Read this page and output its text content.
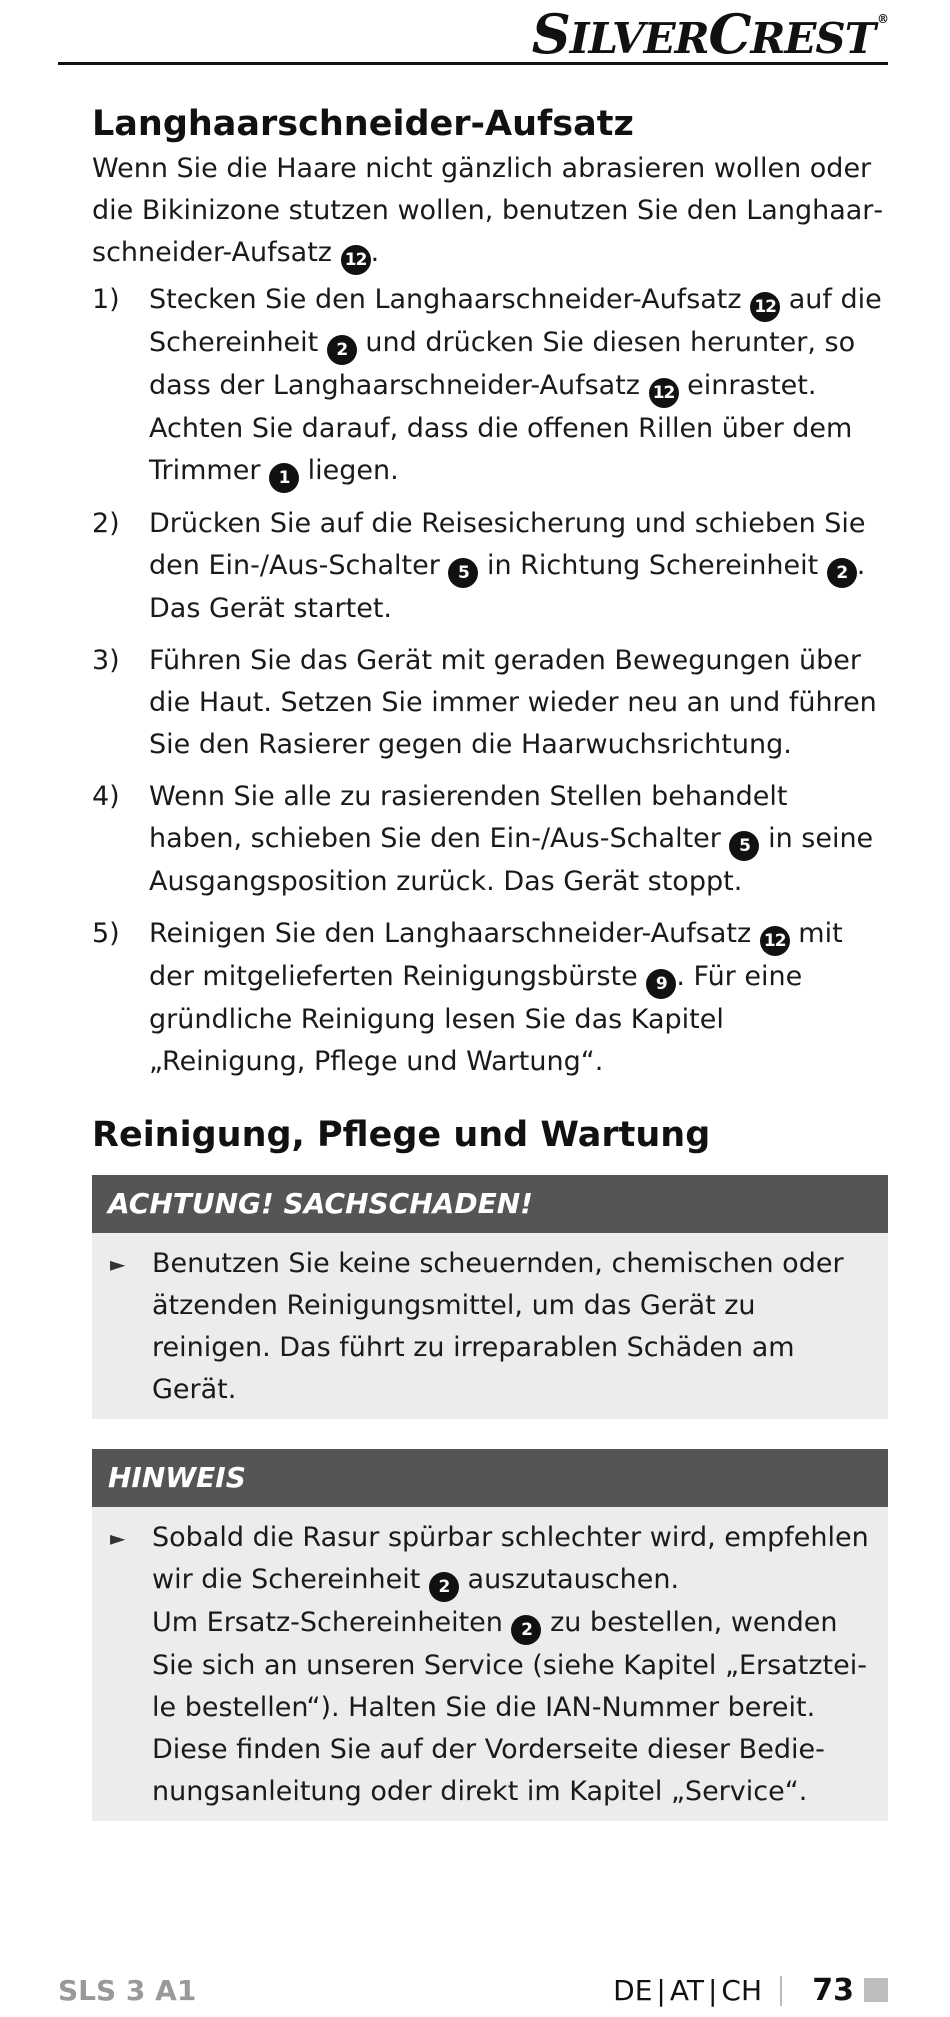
SILVERCREST ®
Langhaarschneider-Aufsatz

Wenn Sie die Haare nicht gänzlich abrasieren wollen oder die Bikinizone stutzen wollen, benutzen Sie den Langhaarschneider-Aufsatz 12 .

1) Stecken Sie den Langhaarschneider-Aufsatz 12 auf die Schereinheit 2 und drücken Sie diesen herunter, so dass der Langhaarschneider-Aufsatz 12 einrastet. Achten Sie darauf, dass die offenen Rillen über dem Trimmer 1 liegen.
2) Drücken Sie auf die Reisesicherung und schieben Sie den Ein-/Aus-Schalter 5 in Richtung Schereinheit 2 . Das Gerät startet.
3) Führen Sie das Gerät mit geraden Bewegungen über die Haut. Setzen Sie immer wieder neu an und führen Sie den Rasierer gegen die Haarwuchsrichtung.
4) Wenn Sie alle zu rasierenden Stellen behandelt haben, schieben Sie den Ein-/Aus-Schalter 5 in seine Ausgangsposition zurück. Das Gerät stoppt.
5) Reinigen Sie den Langhaarschneider-Aufsatz 12 mit der mitgelieferten Reinigungsbürste 9 . Für eine gründliche Reinigung lesen Sie das Kapitel „Reinigung, Pflege und Wartung“.
Reinigung, Pflege und Wartung
ACHTUNG! SACHSCHADEN!
► Benutzen Sie keine scheuernden, chemischen oder ätzenden Reinigungsmittel, um das Gerät zu reinigen. Das führt zu irreparablen Schäden am Gerät.
HINWEIS
► Sobald die Rasur spürbar schlechter wird, empfehlen wir die Schereinheit 2 auszutauschen.
Um Ersatz-Schereinheiten 2 zu bestellen, wenden Sie sich an unseren Service (siehe Kapitel „Ersatzteile bestellen“). Halten Sie die IAN-Nummer bereit. Diese finden Sie auf der Vorderseite dieser Bedienungsanleitung oder direkt im Kapitel „Service“.
SLS 3 A1	DE | AT | CH 73
